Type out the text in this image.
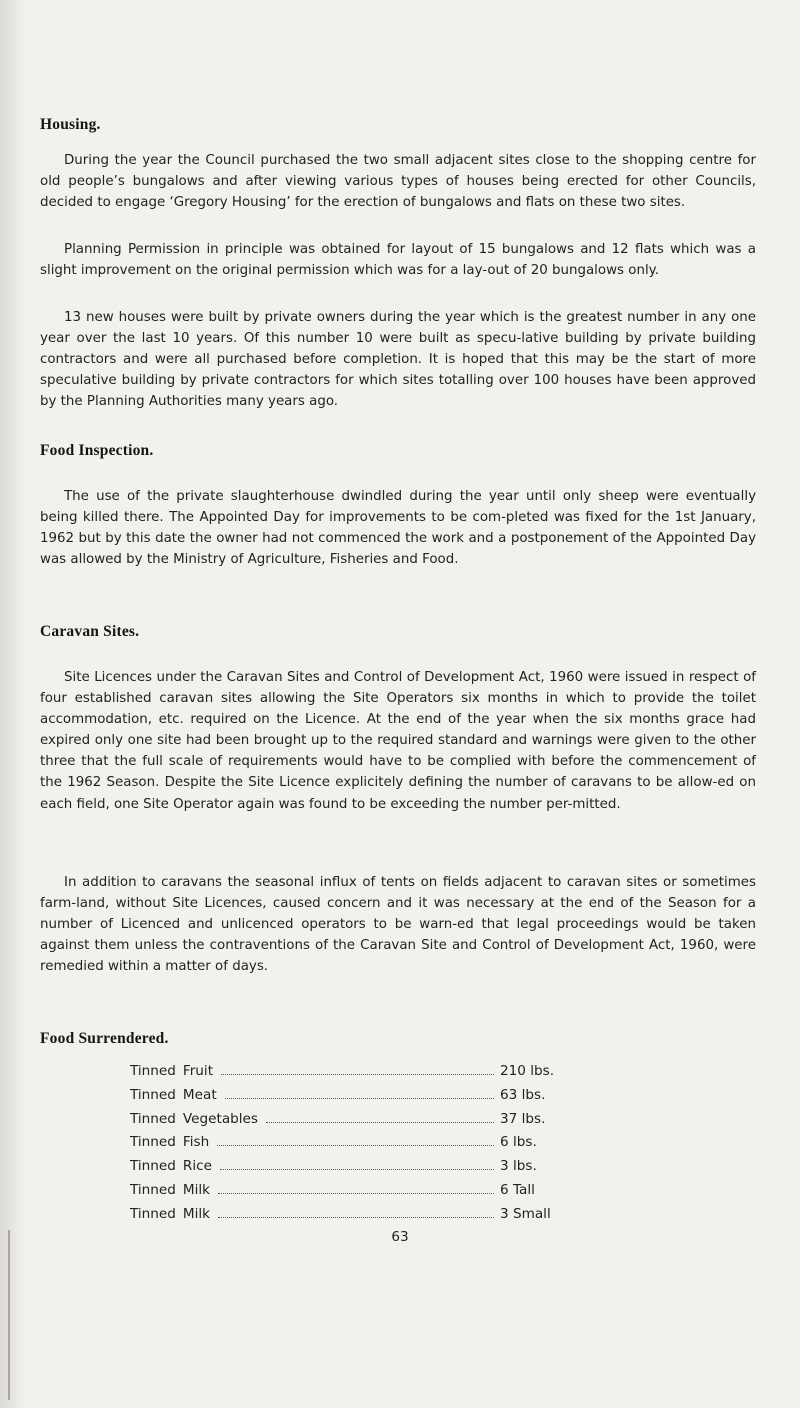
Housing.

During the year the Council purchased the two small adjacent sites close to the shopping centre for old people’s bungalows and after viewing various types of houses being erected for other Councils, decided to engage ‘Gregory Housing’ for the erection of bungalows and flats on these two sites.

Planning Permission in principle was obtained for layout of 15 bungalows and 12 flats which was a slight improvement on the original permission which was for a lay-out of 20 bungalows only.

13 new houses were built by private owners during the year which is the greatest number in any one year over the last 10 years. Of this number 10 were built as specu-lative building by private building contractors and were all purchased before completion. It is hoped that this may be the start of more speculative building by private contractors for which sites totalling over 100 houses have been approved by the Planning Authorities many years ago.

Food Inspection.

The use of the private slaughterhouse dwindled during the year until only sheep were eventually being killed there. The Appointed Day for improvements to be com-pleted was fixed for the 1st January, 1962 but by this date the owner had not commenced the work and a postponement of the Appointed Day was allowed by the Ministry of Agriculture, Fisheries and Food.

Caravan Sites.

Site Licences under the Caravan Sites and Control of Development Act, 1960 were issued in respect of four established caravan sites allowing the Site Operators six months in which to provide the toilet accommodation, etc. required on the Licence. At the end of the year when the six months grace had expired only one site had been brought up to the required standard and warnings were given to the other three that the full scale of requirements would have to be complied with before the commencement of the 1962 Season. Despite the Site Licence explicitely defining the number of caravans to be allow-ed on each field, one Site Operator again was found to be exceeding the number per-mitted.

In addition to caravans the seasonal influx of tents on fields adjacent to caravan sites or sometimes farm-land, without Site Licences, caused concern and it was necessary at the end of the Season for a number of Licenced and unlicenced operators to be warn-ed that legal proceedings would be taken against them unless the contraventions of the Caravan Site and Control of Development Act, 1960, were remedied within a matter of days.

Food Surrendered.
Tinned Fruit	210 lbs.
Tinned Meat	63 lbs.
Tinned Vegetables	37 lbs.
Tinned Fish	6 lbs.
Tinned Rice	3 lbs.
Tinned Milk	6 Tall
Tinned Milk	3 Small
63
